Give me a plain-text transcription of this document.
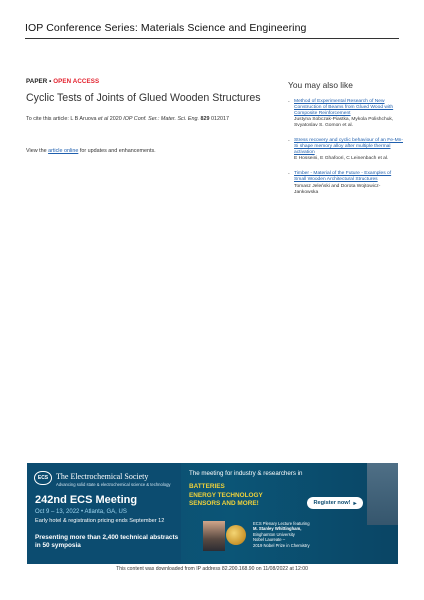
IOP Conference Series: Materials Science and Engineering
PAPER • OPEN ACCESS
Cyclic Tests of Joints of Glued Wooden Structures
To cite this article: L B Aruova et al 2020 IOP Conf. Ser.: Mater. Sci. Eng. 829 012017
View the article online for updates and enhancements.
You may also like
- Method of Experimental Research of New Construction of Beams from Glued Wood with Composite Reinforcement
Justyna Sobczak-Piastka, Mykola Polishchuk, Svyatoslav S. Gomon et al.
- Stress recovery and cyclic behaviour of an Fe-Mn-Si shape memory alloy after multiple thermal activation
E Hosseini, E Ghafoori, C Leinenbach et al.
- Timber - Material of the Future - Examples of Small Wooden Architectural Structures
Tomasz Jeleński and Dorota Wojtowicz-Jankowska
ECS The Electrochemical Society
Advancing solid state & electrochemical science & technology
242nd ECS Meeting
Oct 9 – 13, 2022 • Atlanta, GA, US
Early hotel & registration pricing ends September 12
Presenting more than 2,400 technical abstracts in 50 symposia
The meeting for industry & researchers in
BATTERIES
ENERGY TECHNOLOGY
SENSORS AND MORE!	Register now! ▸
ECS Plenary Lecture featuring
M. Stanley Whittingham,
Binghamton University
Nobel Laureate –
2019 Nobel Prize in Chemistry
This content was downloaded from IP address 82.200.168.90 on 11/08/2022 at 12:00
